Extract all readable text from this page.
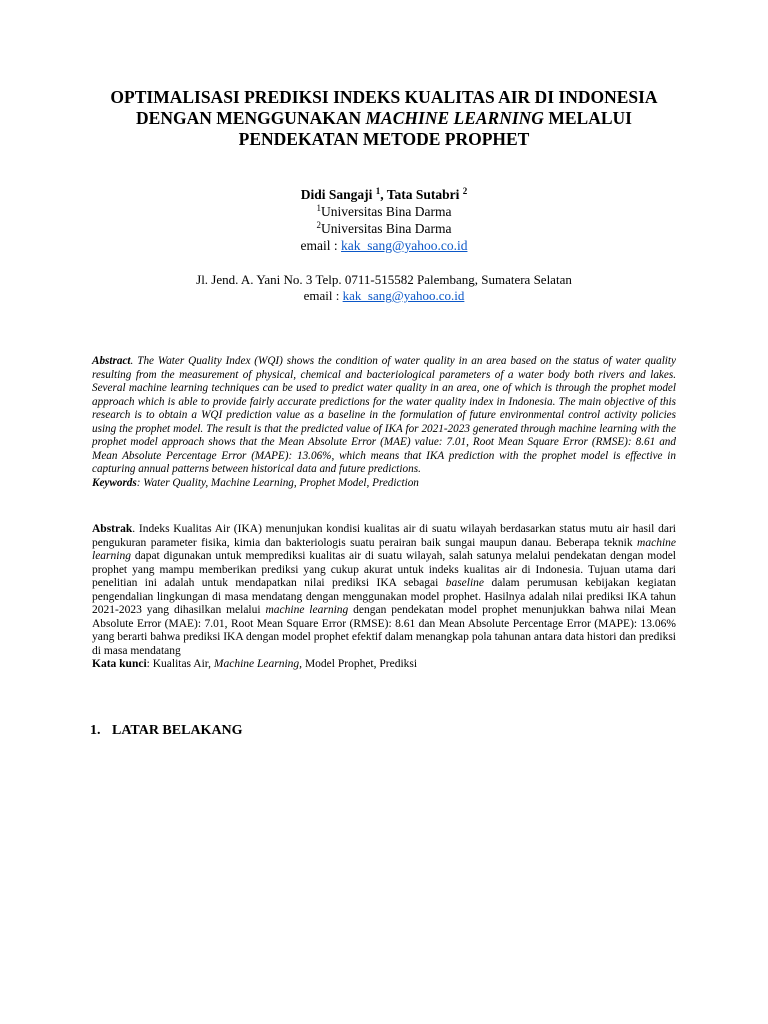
OPTIMALISASI PREDIKSI INDEKS KUALITAS AIR DI INDONESIA
DENGAN MENGGUNAKAN MACHINE LEARNING MELALUI
PENDEKATAN METODE PROPHET
Didi Sangaji $^1$, Tata Sutabri $^2$
$^1$Universitas Bina Darma
$^2$Universitas Bina Darma
email : kak_sang@yahoo.co.id
Jl. Jend. A. Yani No. 3 Telp. 0711-515582 Palembang, Sumatera Selatan
email : kak_sang@yahoo.co.id
Abstract. The Water Quality Index (WQI) shows the condition of water quality in an area based on the status of water quality resulting from the measurement of physical, chemical and bacteriological parameters of a water body both rivers and lakes. Several machine learning techniques can be used to predict water quality in an area, one of which is through the prophet model approach which is able to provide fairly accurate predictions for the water quality index in Indonesia. The main objective of this research is to obtain a WQI prediction value as a baseline in the formulation of future environmental control activity policies using the prophet model. The result is that the predicted value of IKA for 2021-2023 generated through machine learning with the prophet model approach shows that the Mean Absolute Error (MAE) value: 7.01, Root Mean Square Error (RMSE): 8.61 and Mean Absolute Percentage Error (MAPE): 13.06%, which means that IKA prediction with the prophet model is effective in capturing annual patterns between historical data and future predictions.
Keywords: Water Quality, Machine Learning, Prophet Model, Prediction
Abstrak. Indeks Kualitas Air (IKA) menunjukan kondisi kualitas air di suatu wilayah berdasarkan status mutu air hasil dari pengukuran parameter fisika, kimia dan bakteriologis suatu perairan baik sungai maupun danau. Beberapa teknik machine learning dapat digunakan untuk memprediksi kualitas air di suatu wilayah, salah satunya melalui pendekatan dengan model prophet yang mampu memberikan prediksi yang cukup akurat untuk indeks kualitas air di Indonesia. Tujuan utama dari penelitian ini adalah untuk mendapatkan nilai prediksi IKA sebagai baseline dalam perumusan kebijakan kegiatan pengendalian lingkungan di masa mendatang dengan menggunakan model prophet. Hasilnya adalah nilai prediksi IKA tahun 2021-2023 yang dihasilkan melalui machine learning dengan pendekatan model prophet menunjukkan bahwa nilai Mean Absolute Error (MAE): 7.01, Root Mean Square Error (RMSE): 8.61 dan Mean Absolute Percentage Error (MAPE): 13.06% yang berarti bahwa prediksi IKA dengan model prophet efektif dalam menangkap pola tahunan antara data histori dan prediksi di masa mendatang
Kata kunci: Kualitas Air, Machine Learning, Model Prophet, Prediksi
1. LATAR BELAKANG
